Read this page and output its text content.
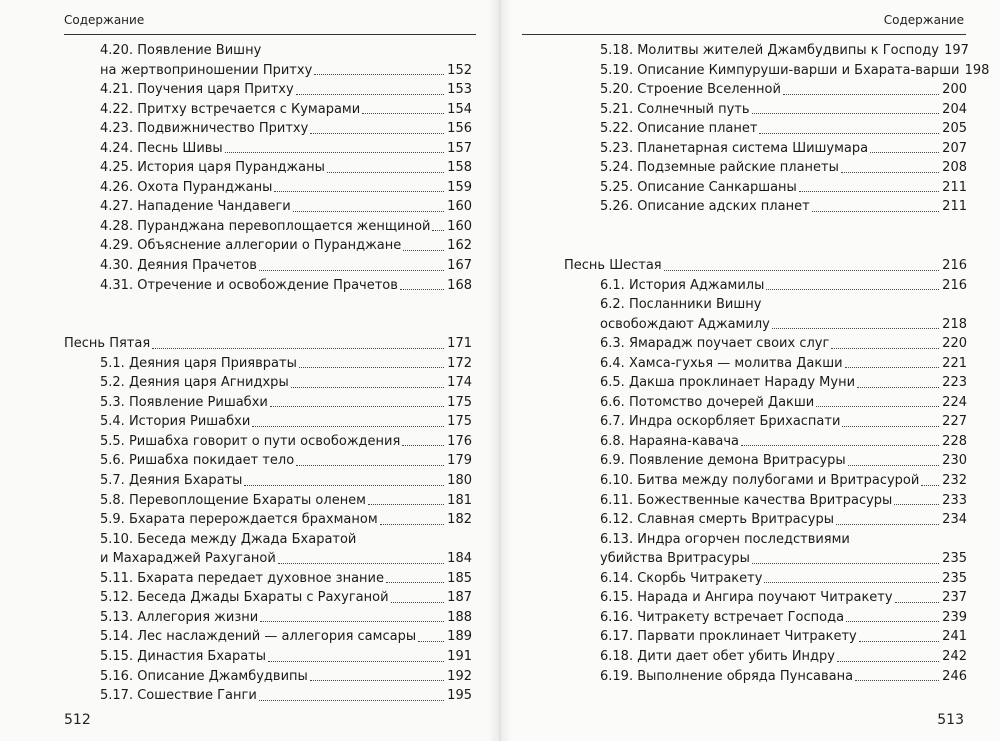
Содержание
4.20. Появление Вишну
на жертвоприношении Притху	152
4.21. Поучения царя Притху	153
4.22. Притху встречается с Кумарами	154
4.23. Подвижничество Притху	156
4.24. Песнь Шивы	157
4.25. История царя Пуранджаны	158
4.26. Охота Пуранджаны	159
4.27. Нападение Чандавеги	160
4.28. Пуранджана перевоплощается женщиной 160
4.29. Объяснение аллегории о Пуранджане	162
4.30. Деяния Прачетов	167
4.31. Отречение и освобождение Прачетов	168
Песнь Пятая	171
5.1. Деяния царя Приявраты	172
5.2. Деяния царя Агнидхры	174
5.3. Появление Ришабхи	175
5.4. История Ришабхи	175
5.5. Ришабха говорит о пути освобождения	176
5.6. Ришабха покидает тело	179
5.7. Деяния Бхараты	180
5.8. Перевоплощение Бхараты оленем	181
5.9. Бхарата перерождается брахманом	182
5.10. Беседа между Джада Бхаратой
и Махараджей Рахуганой	184
5.11. Бхарата передает духовное знание	185
5.12. Беседа Джады Бхараты с Рахуганой	187
5.13. Аллегория жизни	188
5.14. Лес наслаждений — аллегория самсары 189
5.15. Династия Бхараты	191
5.16. Описание Джамбудвипы	192
5.17. Сошествие Ганги	195
512
Содержание
5.18. Молитвы жителей Джамбудвипы к Господу 197
5.19. Описание Кимпуруши-варши и Бхарата-варши 198
5.20. Строение Вселенной	200
5.21. Солнечный путь	204
5.22. Описание планет	205
5.23. Планетарная система Шишумара	207
5.24. Подземные райские планеты	208
5.25. Описание Санкаршаны	211
5.26. Описание адских планет	211
Песнь Шестая	216
6.1. История Аджамилы	216
6.2. Посланники Вишну
освобождают Аджамилу	218
6.3. Ямарадж поучает своих слуг	220
6.4. Хамса-гухья — молитва Дакши	221
6.5. Дакша проклинает Нараду Муни	223
6.6. Потомство дочерей Дакши	224
6.7. Индра оскорбляет Брихаспати	227
6.8. Нараяна-кавача	228
6.9. Появление демона Вритрасуры	230
6.10. Битва между полубогами и Вритрасурой 232
6.11. Божественные качества Вритрасуры	233
6.12. Славная смерть Вритрасуры	234
6.13. Индра огорчен последствиями
убийства Вритрасуры	235
6.14. Скорбь Читракету	235
6.15. Нарада и Ангира поучают Читракету	237
6.16. Читракету встречает Господа	239
6.17. Парвати проклинает Читракету	241
6.18. Дити дает обет убить Индру	242
6.19. Выполнение обряда Пунсавана	246
513
